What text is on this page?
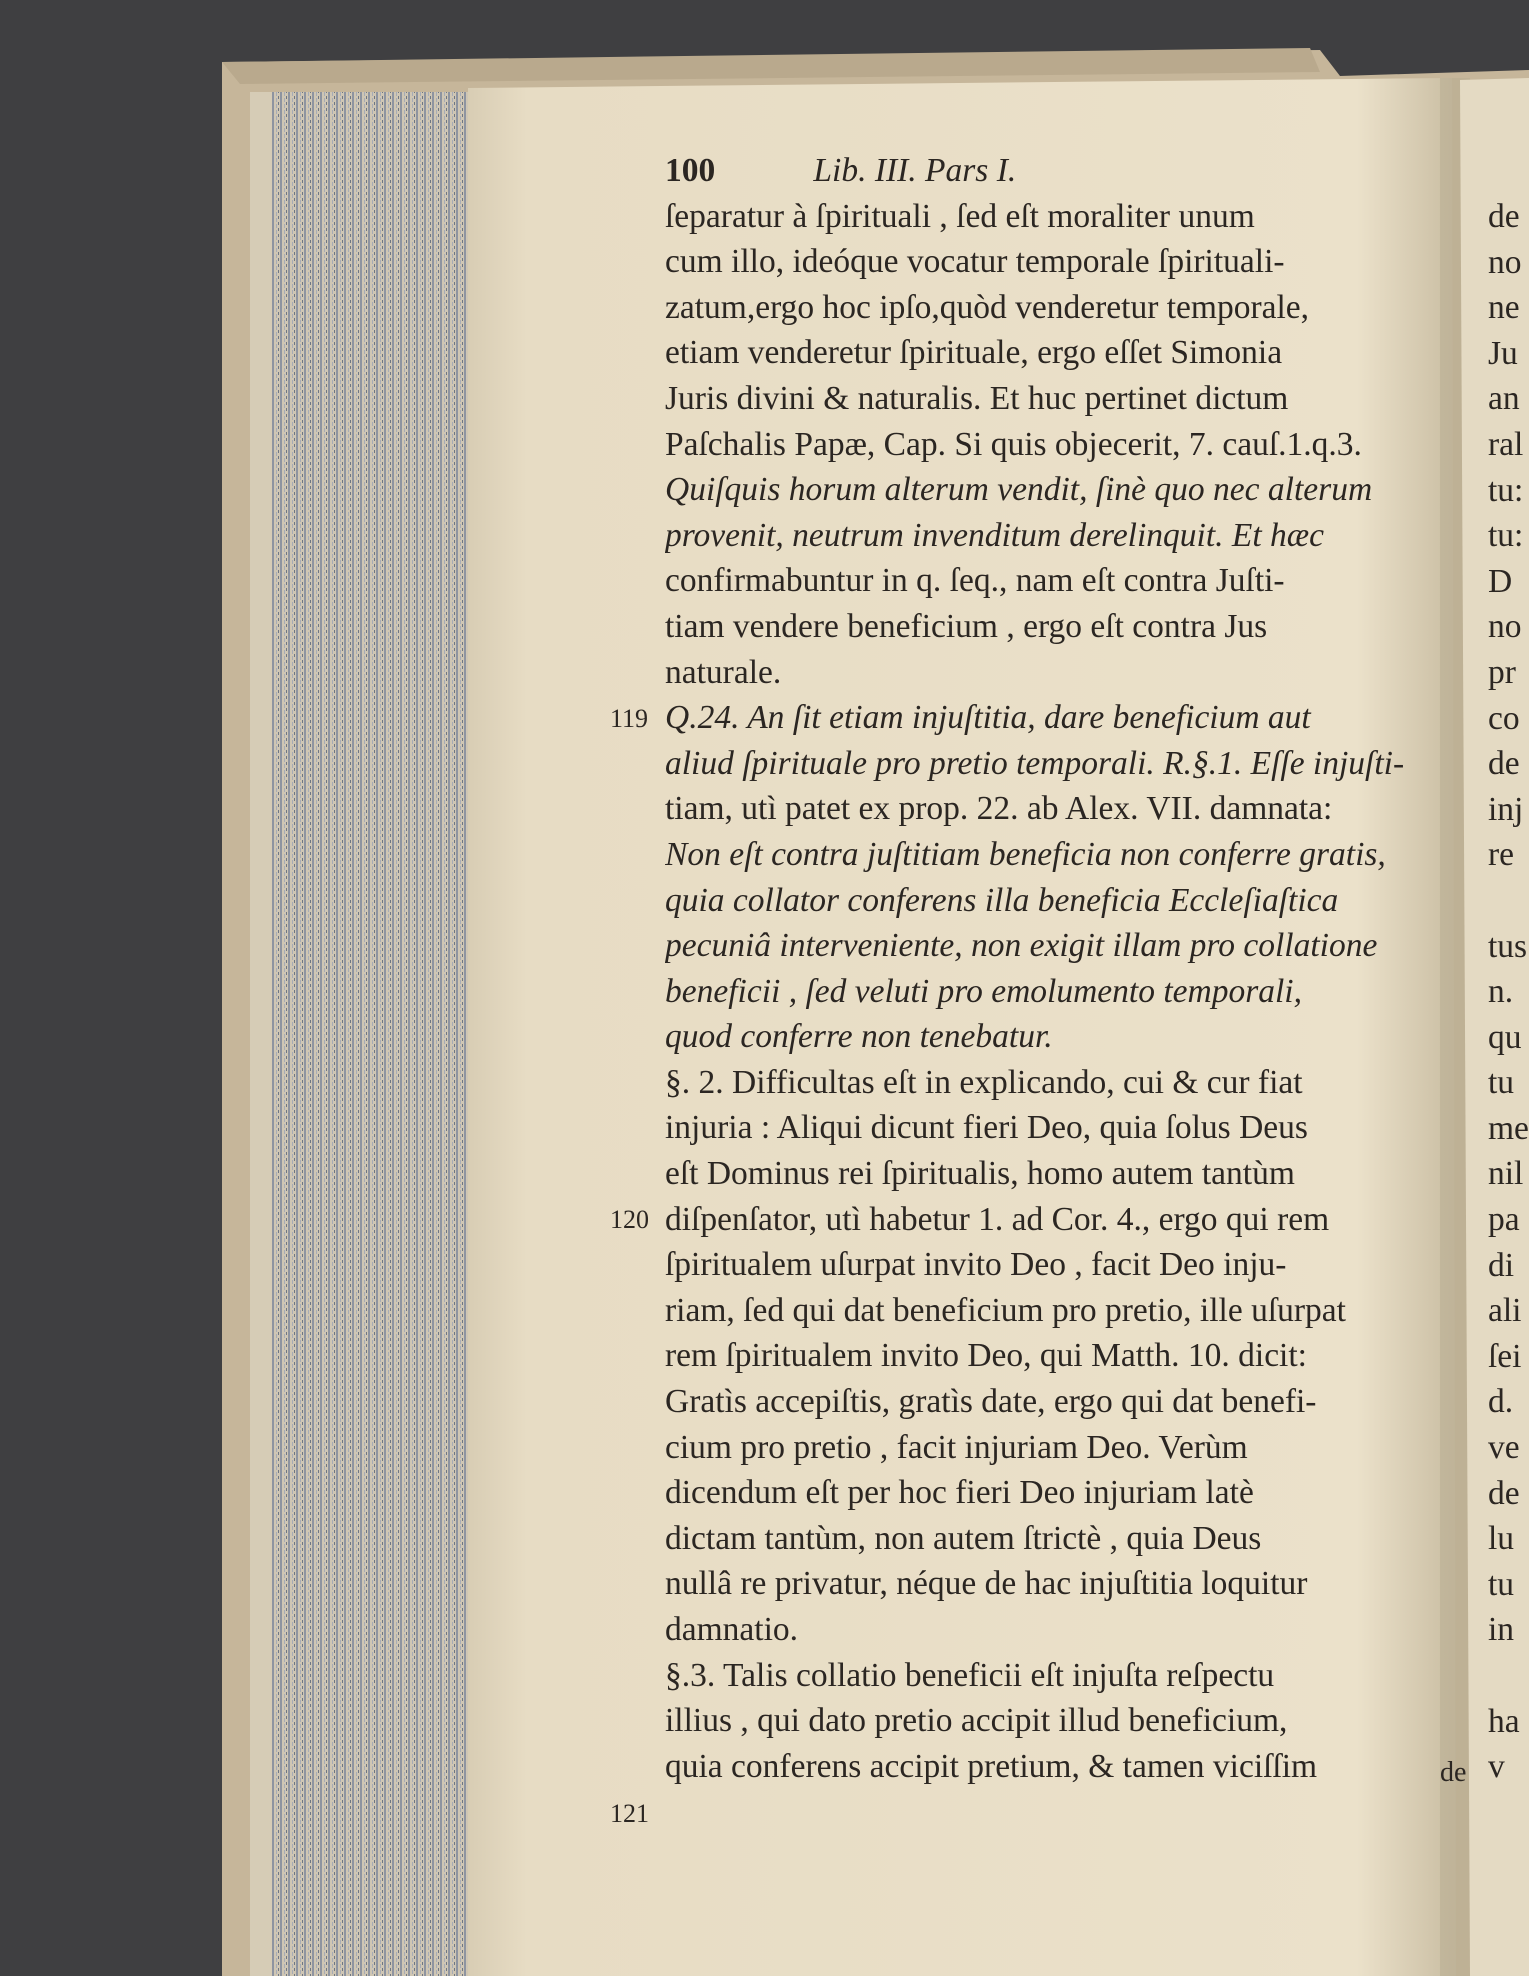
100	Lib. III. Pars I.
ſeparatur à ſpirituali , ſed eſt moraliter unum
cum illo, ideóque vocatur temporale ſpirituali-
zatum,ergo hoc ipſo,quòd venderetur temporale,
etiam venderetur ſpirituale, ergo eſſet Simonia
Juris divini & naturalis. Et huc pertinet dictum
Paſchalis Papæ, Cap. Si quis objecerit, 7. cauſ.1.q.3.
Quiſquis horum alterum vendit, ſinè quo nec alterum
provenit, neutrum invenditum derelinquit. Et hæc
confirmabuntur in q. ſeq., nam eſt contra Juſti-
tiam vendere beneficium , ergo eſt contra Jus
naturale.
Q.24. An ſit etiam injuſtitia, dare beneficium aut
aliud ſpirituale pro pretio temporali. R.§.1. Eſſe injuſti-
tiam, utì patet ex prop. 22. ab Alex. VII. damnata:
Non eſt contra juſtitiam beneficia non conferre gratis,
quia collator conferens illa beneficia Eccleſiaſtica
pecuniâ interveniente, non exigit illam pro collatione
beneficii , ſed veluti pro emolumento temporali,
quod conferre non tenebatur.
§. 2. Difficultas eſt in explicando, cui & cur fiat
injuria : Aliqui dicunt fieri Deo, quia ſolus Deus
eſt Dominus rei ſpiritualis, homo autem tantùm
diſpenſator, utì habetur 1. ad Cor. 4., ergo qui rem
ſpiritualem uſurpat invito Deo , facit Deo inju-
riam, ſed qui dat beneficium pro pretio, ille uſurpat
rem ſpiritualem invito Deo, qui Matth. 10. dicit:
Gratìs accepiſtis, gratìs date, ergo qui dat benefi-
cium pro pretio , facit injuriam Deo. Verùm
dicendum eſt per hoc fieri Deo injuriam latè
dictam tantùm, non autem ſtrictè , quia Deus
nullâ re privatur, néque de hac injuſtitia loquitur
damnatio.
§.3. Talis collatio beneficii eſt injuſta reſpectu
illius , qui dato pretio accipit illud beneficium,
quia conferens accipit pretium, & tamen viciſſim
119
120
121
de
de
no
ne
Ju
an
ral
tu:
tu:
D
no
pr
co
de
inj
re
tus
n.
qu
tu
me
nil
pa
di
ali
ſei
d.
ve
de
lu
tu
in
ha
v
